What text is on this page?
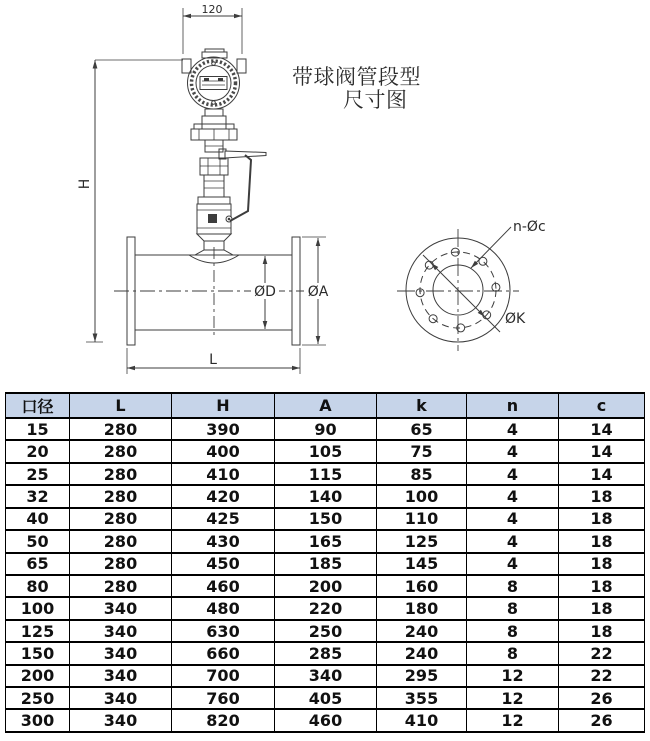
带球阀管段型
尺寸图
120
H
ØD ØA
L
ØK
n-Øc
口径	L	H	A	k	n	c
15	280	390	90	65	4	14
20	280	400	105	75	4	14
25	280	410	115	85	4	14
32	280	420	140	100	4	18
40	280	425	150	110	4	18
50	280	430	165	125	4	18
65	280	450	185	145	4	18
80	280	460	200	160	8	18
100	340	480	220	180	8	18
125	340	630	250	240	8	18
150	340	660	285	240	8	22
200	340	700	340	295	12	22
250	340	760	405	355	12	26
300	340	820	460	410	12	26
